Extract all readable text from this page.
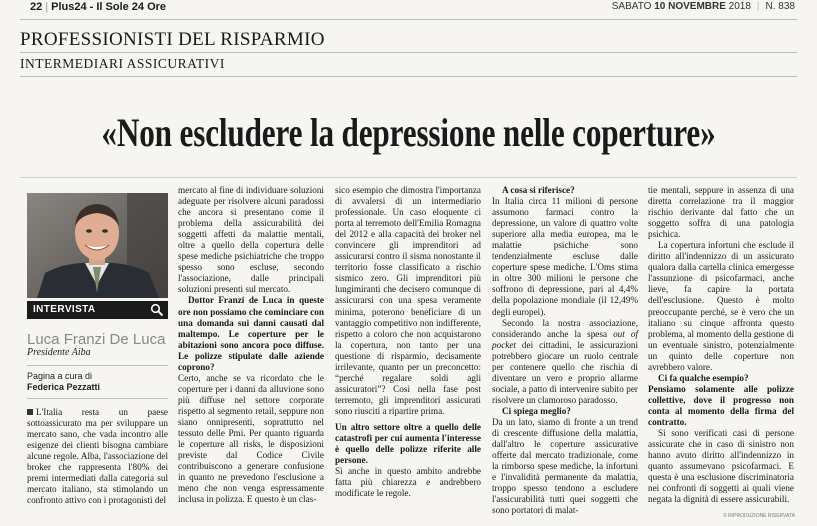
22 | Plus24 - Il Sole 24 Ore	SABATO 10 NOVEMBRE 2018 | N. 838
PROFESSIONISTI DEL RISPARMIO
INTERMEDIARI ASSICURATIVI
«Non escludere la depressione nelle coperture»
INTERVISTA
Luca Franzi De Luca
Presidente Aiba
Pagina a cura di
Federica Pezzatti

L'Italia resta un paese sottoassicurato ma per sviluppare un mercato sano, che vada incontro alle esigenze dei clienti bisogna cambiare alcune regole. Alba, l'associazione del broker che rappresenta l'80% dei premi intermediati dalla categoria sul mercato italiano, sta stimolando un confronto attivo con i protagonisti del

mercato al fine di individuare soluzioni adeguate per risolvere alcuni paradossi che ancora si presentano come il problema della assicurabilità dei soggetti affetti da malattie mentali, oltre a quello della copertura delle spese mediche psichiatriche che troppo spesso sono escluse, secondo l'associazione, dalle principali soluzioni presenti sul mercato.

Dottor Franzi de Luca in queste ore non possiamo che cominciare con una domanda sui danni causati dal maltempo. Le coperture per le abitazioni sono ancora poco diffuse. Le polizze stipulate dalle aziende coprono?

Certo, anche se va ricordato che le coperture per i danni da alluvione sono più diffuse nel settore corporate rispetto al segmento retail, seppure non siano onnipresenti, soprattutto nel tessuto delle Pmi. Per quanto riguarda le coperture all risks, le disposizioni previste dal Codice Civile contribuiscono a generare confusione in quanto ne prevedono l'esclusione a meno che non venga espressamente inclusa in polizza. E questo è un clas-

sico esempio che dimostra l'importanza di avvalersi di un intermediario professionale. Un caso eloquente ci porta al terremoto dell'Emilia Romagna del 2012 e alla capacità dei broker nel convincere gli imprenditori ad assicurarsi contro il sisma nonostante il territorio fosse classificato a rischio sismico zero. Gli imprenditori più lungimiranti che decisero comunque di assicurarsi con una spesa veramente minima, poterono beneficiare di un vantaggio competitivo non indifferente, rispetto a coloro che non acquistarono la copertura, non tanto per una questione di risparmio, decisamente irrilevante, quanto per un preconcetto: “perché regalare soldi agli assicuratori”? Così nella fase post terremoto, gli imprenditori assicurati sono riusciti a ripartire prima.

Un altro settore oltre a quello delle catastrofi per cui aumenta l'interesse è quello delle polizze riferite alle persone.

Sì anche in questo ambito andrebbe fatta più chiarezza e andrebbero modificate le regole.

A cosa si riferisce?

In Italia circa 11 milioni di persone assumono farmaci contro la depressione, un valore di quattro volte superiore alla media europea, ma le malattie psichiche sono tendenzialmente escluse dalle coperture spese mediche. L'Oms stima in oltre 300 milioni le persone che soffrono di depressione, pari al 4,4% della popolazione mondiale (il 12,49% degli europei).

Secondo la nostra associazione, considerando anche la spesa out of pocket dei cittadini, le assicurazioni potrebbero giocare un ruolo centrale per contenere quello che rischia di diventare un vero e proprio allarme sociale, a patto di intervenire subito per risolvere un clamoroso paradosso.

Ci spiega meglio?

Da un lato, siamo di fronte a un trend di crescente diffusione della malattia, dall'altro le coperture assicurative offerte dal mercato tradizionale, come la rimborso spese mediche, la infortuni e l'invalidità permanente da malattia, troppo spesso tendono a escludere l'assicurabilità tutti quei soggetti che sono portatori di malat-

tie mentali, seppure in assenza di una diretta correlazione tra il maggior rischio derivante dal fatto che un soggetto soffra di una patologia psichica.

La copertura infortuni che esclude il diritto all'indennizzo di un assicurato qualora dalla cartella clinica emergesse l'assunzione di psicofarmaci, anche lieve, fa capire la portata dell'esclusione. Questo è molto preoccupante perché, se è vero che un italiano su cinque affronta questo problema, al momento della gestione di un eventuale sinistro, potenzialmente un quinto delle coperture non avrebbero valore.

Ci fa qualche esempio?

Pensiamo solamente alle polizze collettive, dove il progresso non conta al momento della firma del contratto.

Si sono verificati casi di persone assicurate che in caso di sinistro non hanno avuto diritto all'indennizzo in quanto assumevano psicofarmaci. E questa è una esclusione discriminatoria nei confronti di soggetti ai quali viene negata la dignità di essere assicurabili.

© RIPRODUZIONE RISERVATA
